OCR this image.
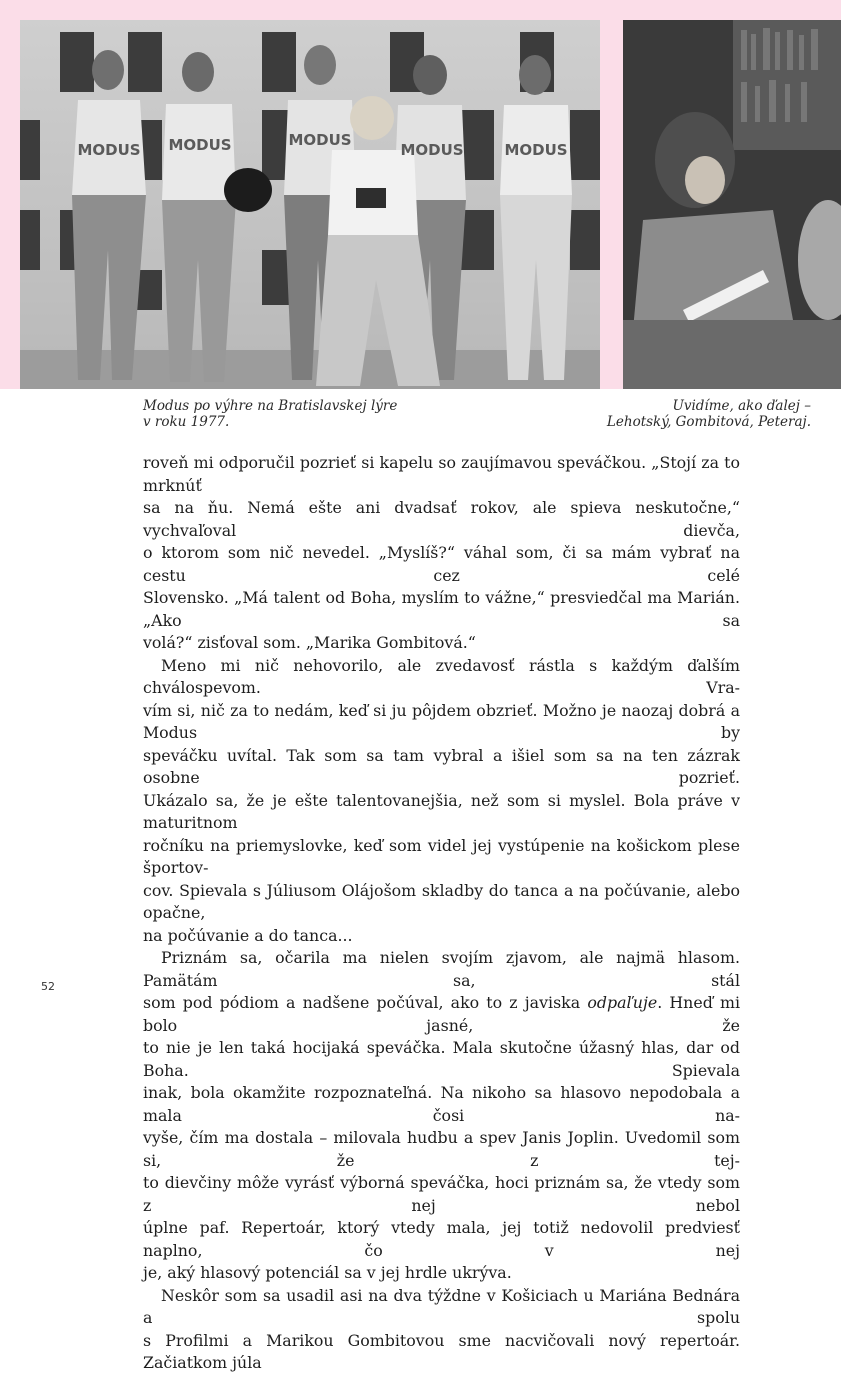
MODUS MODUS	MODUS
MODUS	MODUS
Modus po výhre na Bratislavskej lýre
v roku 1977.
Uvidíme, ako ďalej –
Lehotský, Gombitová, Peteraj.

roveň mi odporučil pozrieť si kapelu so zaujímavou speváčkou. „Stojí za to mrknúť
sa na ňu. Nemá ešte ani dvadsať rokov, ale spieva neskutočne,“ vychvaľoval dievča,
o ktorom som nič nevedel. „Myslíš?“ váhal som, či sa mám vybrať na cestu cez celé
Slovensko. „Má talent od Boha, myslím to vážne,“ presviedčal ma Marián. „Ako sa
volá?“ zisťoval som. „Marika Gombitová.“

Meno mi nič nehovorilo, ale zvedavosť rástla s každým ďalším chválospevom. Vra-
vím si, nič za to nedám, keď si ju pôjdem obzrieť. Možno je naozaj dobrá a Modus by
speváčku uvítal. Tak som sa tam vybral a išiel som sa na ten zázrak osobne pozrieť.
Ukázalo sa, že je ešte talentovanejšia, než som si myslel. Bola práve v maturitnom
ročníku na priemyslovke, keď som videl jej vystúpenie na košickom plese športov-
cov. Spievala s Júliusom Olájošom skladby do tanca a na počúvanie, alebo opačne,
na počúvanie a do tanca...

Priznám sa, očarila ma nielen svojím zjavom, ale najmä hlasom. Pamätám sa, stál
som pod pódiom a nadšene počúval, ako to z javiska odpaľuje. Hneď mi bolo jasné, že
to nie je len taká hocijaká speváčka. Mala skutočne úžasný hlas, dar od Boha. Spievala
inak, bola okamžite rozpoznateľná. Na nikoho sa hlasovo nepodobala a mala čosi na-
vyše, čím ma dostala – milovala hudbu a spev Janis Joplin. Uvedomil som si, že z tej-
to dievčiny môže vyrásť výborná speváčka, hoci priznám sa, že vtedy som z nej nebol
úplne paf. Repertoár, ktorý vtedy mala, jej totiž nedovolil predviesť naplno, čo v nej
je, aký hlasový potenciál sa v jej hrdle ukrýva.

Neskôr som sa usadil asi na dva týždne v Košiciach u Mariána Bednára a spolu
s Profilmi a Marikou Gombitovou sme nacvičovali nový repertoár. Začiatkom júla

52
